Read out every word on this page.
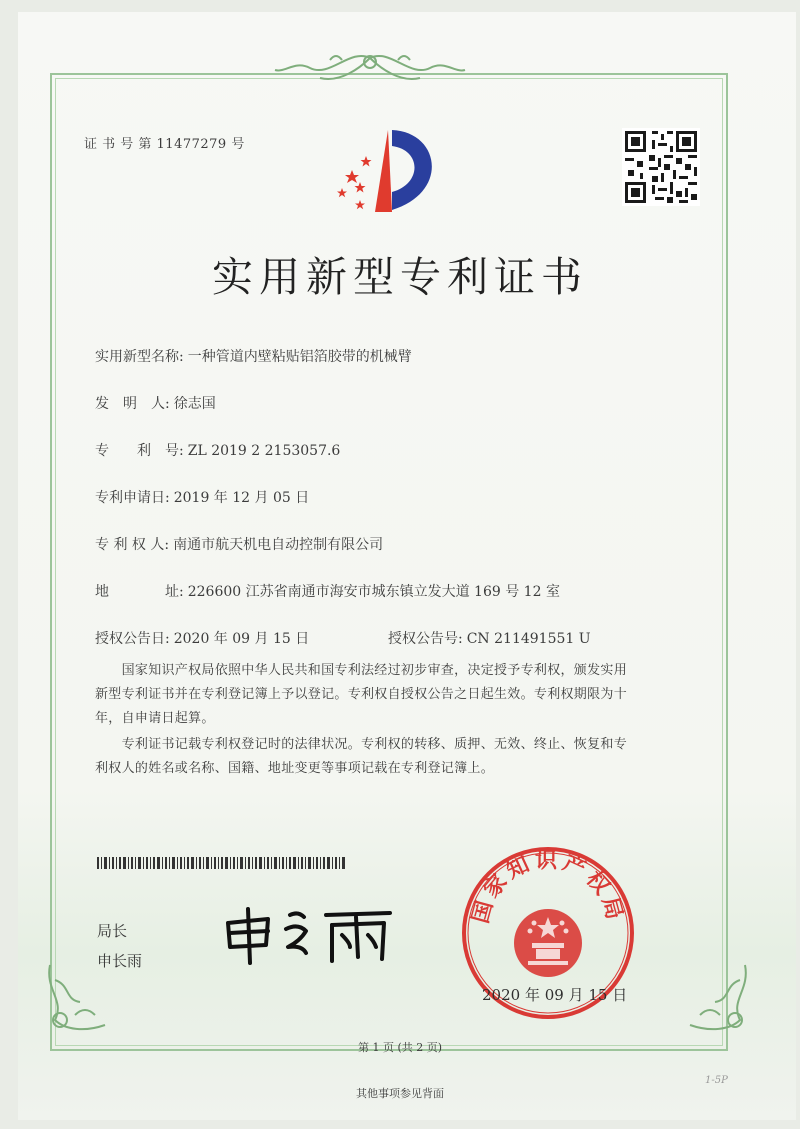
证 书 号 第 11477279 号
实用新型专利证书
实用新型名称: 一种管道内壁粘贴铝箔胶带的机械臂
发　明　人: 徐志国
专　　利　号: ZL 2019 2 2153057.6
专利申请日: 2019 年 12 月 05 日
专 利 权 人: 南通市航天机电自动控制有限公司
地　　　　址: 226600 江苏省南通市海安市城东镇立发大道 169 号 12 室
授权公告日: 2020 年 09 月 15 日	授权公告号: CN 211491551 U
　　国家知识产权局依照中华人民共和国专利法经过初步审查，决定授予专利权，颁发实用
新型专利证书并在专利登记簿上予以登记。专利权自授权公告之日起生效。专利权期限为十
年，自申请日起算。
　　专利证书记载专利权登记时的法律状况。专利权的转移、质押、无效、终止、恢复和专
利权人的姓名或名称、国籍、地址变更等事项记载在专利登记簿上。
局长
申长雨
国家知识产权局
2020 年 09 月 15 日
第 1 页 (共 2 页)
其他事项参见背面
1-5P
